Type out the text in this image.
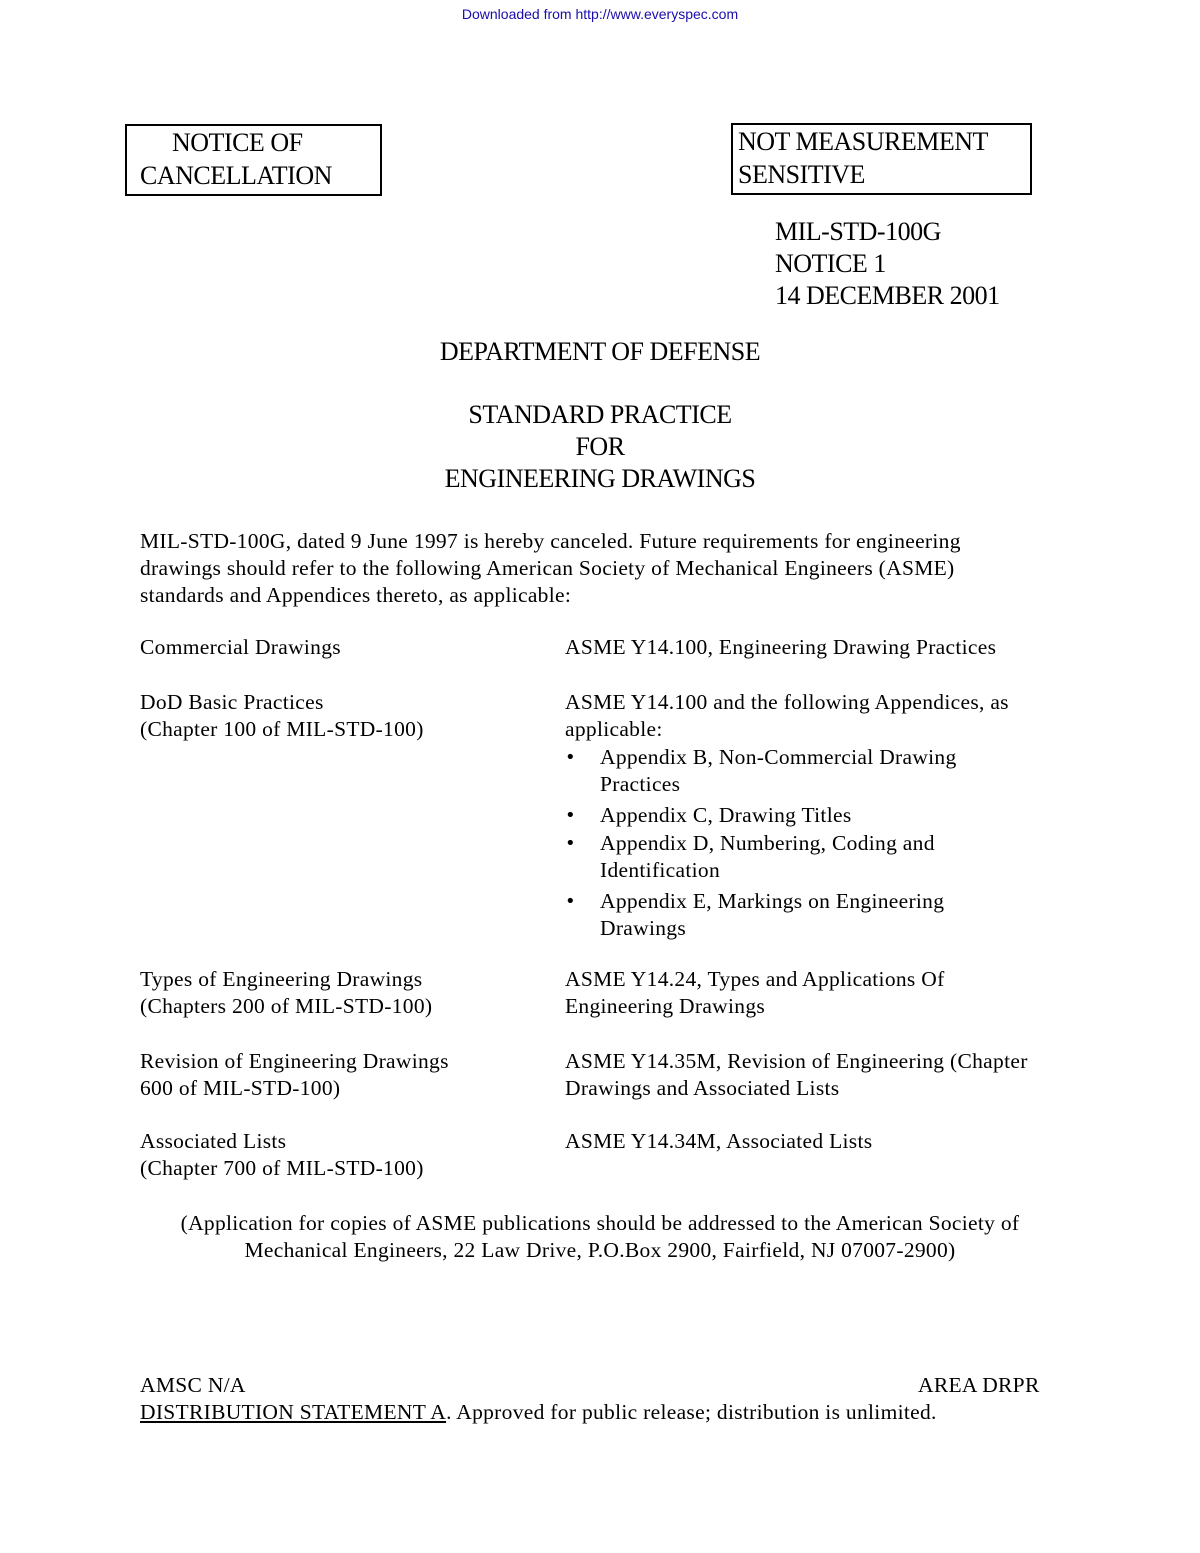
Downloaded from http://www.everyspec.com
NOTICE OF
CANCELLATION
NOT MEASUREMENT
SENSITIVE
MIL-STD-100G
NOTICE 1
14 DECEMBER 2001
DEPARTMENT OF DEFENSE
STANDARD PRACTICE
FOR
ENGINEERING DRAWINGS
MIL-STD-100G, dated 9 June 1997 is hereby canceled. Future requirements for engineering
drawings should refer to the following American Society of Mechanical Engineers (ASME)
standards and Appendices thereto, as applicable:
Commercial Drawings	ASME Y14.100, Engineering Drawing Practices
DoD Basic Practices
(Chapter 100 of MIL-STD-100)
ASME Y14.100 and the following Appendices, as
applicable:
• Appendix B, Non-Commercial Drawing
Practices
• Appendix C, Drawing Titles
• Appendix D, Numbering, Coding and
Identification
• Appendix E, Markings on Engineering
Drawings
Types of Engineering Drawings
(Chapters 200 of MIL-STD-100)
ASME Y14.24, Types and Applications Of
Engineering Drawings
Revision of Engineering Drawings
600 of MIL-STD-100)
ASME Y14.35M, Revision of Engineering (Chapter
Drawings and Associated Lists
Associated Lists
(Chapter 700 of MIL-STD-100)
ASME Y14.34M, Associated Lists
(Application for copies of ASME publications should be addressed to the American Society of
Mechanical Engineers, 22 Law Drive, P.O.Box 2900, Fairfield, NJ 07007-2900)
AMSC N/A	AREA DRPR
DISTRIBUTION STATEMENT A. Approved for public release; distribution is unlimited.
